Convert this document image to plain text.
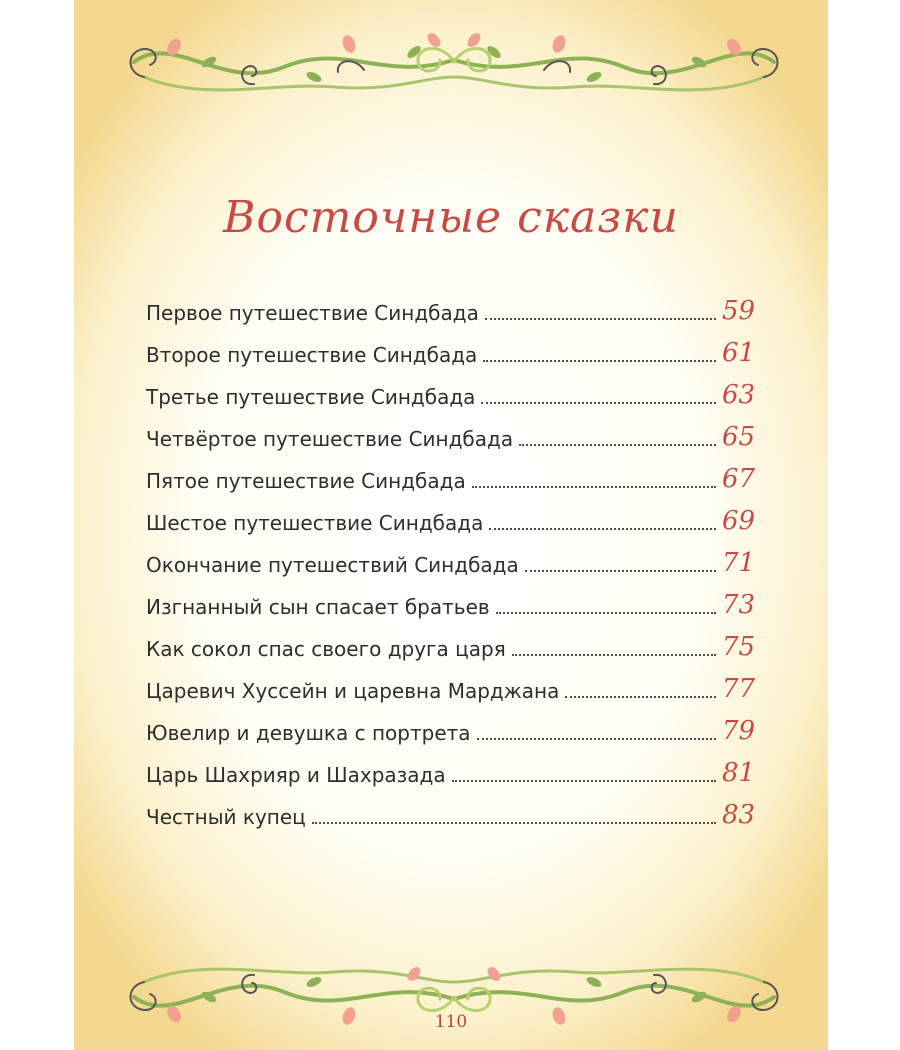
Восточные сказки
Первое путешествие Синдбада	59
Второе путешествие Синдбада	61
Третье путешествие Синдбада	63
Четвёртое путешествие Синдбада	65
Пятое путешествие Синдбада	67
Шестое путешествие Синдбада	69
Окончание путешествий Синдбада	71
Изгнанный сын спасает братьев	73
Как сокол спас своего друга царя	75
Царевич Хуссейн и царевна Марджана	77
Ювелир и девушка с портрета	79
Царь Шахрияр и Шахразада	81
Честный купец	83
110
